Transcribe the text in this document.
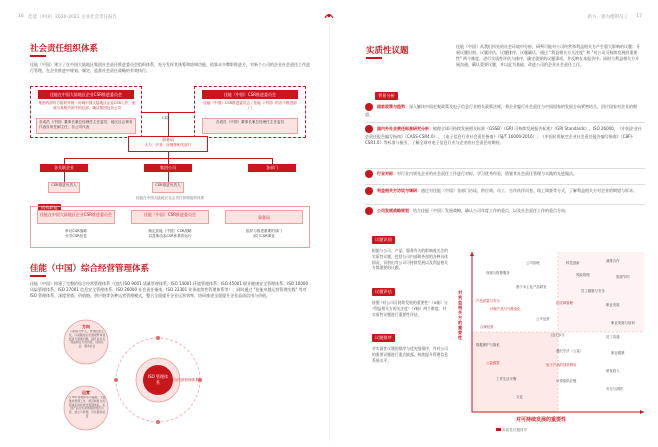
16 佳能（中国）2020-2021 企业社会责任报告	新方，感为德利员工 17
社会责任组织体系
佳能（中国）建立了在中国大陆地区集团社会责任推进委员会组织体系，充分发挥其统筹和协调功能，依靠众多牌影推进方，对新个公司的企业社会责任工作进行管理，在企业推进中规划、制定、监督社会责任战略的有效执行。
佳能在中国大陆地区企业CSR推进委员会
集团内部有力组织并统一协调中国大陆地区企业CSR工作，组成与其相关的中国总部，确认集团及各公司
各成员（中国）董事长兼总经理任主任委员，地区社会事务代表自担任副主任，各公司代表
佳能（中国）CSR推进委员会
佳能（中国）CSR推进委员会 / 佳能（中国）的各个推进部门
各成员（中国）董事长兼总经理任主任委员
C局
事务局
人力、法务、环境等相关部门
各关联企业	集团公司	各部门
CSR推进负责人	CSR推进负责人
佳能在中国大陆地区社会责任管理组织体系
机构职能
佳能在中国大陆地区企业CSR推进委员会	佳能（中国）CSR推进委员会
事务局
审议CSR战略
分享CSR信息
制定佳能（中国）CSR战略
以及推动本CSR体系的运行
组织与推进重要的部门
部门CSR事宜
佳能（中国）综合经营管理体系
佳能（中国）构建了完整的综合经营管理体系（包括 ISO 9001 质量管理体系、ISO 14001 环境管理体系、ISO 45001 职业健康安全管理体系、ISO 10000 风险管理体系、ISO 27001 信息安全管理体系、ISO 26000 社会责任指南、ISO 22301 业务连续性管理体系等），同时通过 "佳能卓越运营管理实践" 等对 ISO 管理体系、深度营销、价值链、供应链等各种运营管理模式，整合全面提升企业运营效率，协同推进全面提升企业品质信用与价值。
方向
以顾客为中心，传递价值主张，以前瞻性的全面视野审视经营与管理问题，提升对所有利益相关方的价值，回报社会，服务社会
ISO 管理体系	综合经营管理体系
运营
以 ISO 管理体系为基础，全面推进管理工作，规范制度与流程体系的标准化管理体系，实现产品全生命周期的规范运营，建立与管理，优化服务质量
实质性议题	佳能（中国）从我们所处的社会环境中分析，研判可能对公司经营和利益相关方产生重大影响的议题；开展议题识别、议题评估、议题排序、议题确认，通过 "利益相关方关注度" 和 "对公司可持续发展的重要性" 两个维度，进行实质性评估与排序，确定重要的议题事项，并反映在本报告中；同时与利益相关方开展沟通，确认重要议题，并以此为基础，改进公司的企业社会责任工作。
背景分析
国家政策与趋势：深入解读中国宏观政策及电子信息行业相关政策法规，将企业履行社会责任与中国国家的发展方向紧密结合，回应国家对企业的期望。
国内外社会责任标准研究分析：梳理全球可持续发展相关标准（GSSB）《GRI 可持续发展报告标准》（GRI Standards）、ISO 26000、《中国企业社会责任报告编写指南》（CASS-CSR4.0）、《电子信息行业社会责任指南》（SJ/T 16000-2016）、《中国民用航空企业社会责任报告编写指南》（CBFI-CSR1.0）等标准与指引，了解全球对电子信息行业与企业的社会责任的期待。
行业对标：对行业内领先企业的社会责任工作进行对标，学习优秀经验，借鉴其社会责任管理与实践的先进做法。
利益相关方访谈与调研：通过对佳能（中国）各部门访谈、供应商、员工、合作伙伴问卷、线上调查等方式，了解利益相关方对企业的期望与诉求。
公司发展战略规划：结合佳能（中国）发展战略，确认公司年度工作的重点，以及社会责任工作的重点方向。
议题识别
根据与公司、产品、服务有关的影响或关注的实质性议题，包括公司内部和外部的各种具体情况，识别出对公司可持续发展以及利益相关方都重要的议题。
议题评估
按照 "对公司可持续发展的重要性"（X轴）与 "利益相关方的关注度"（Y轴）两个维度，对实质性议题进行重要性评估。
议题排序
对实质性议题的排序与优先级排序，并对公司的重要议题进行重点披露，持续提升管理信息系统水平。
对利益相关方的重要性
对可持续发展的重要性
实质性议题排序
公司治理	科技创新	减排合作
视频与报警服务	风险管理	资源节约
基于本土化产品研发
员工健康与安全
产品质量与安全
环保产品与气候变化
供应商管理	职业发展
公平运营
职业发展与培训
合规经营
社区参与	员工沟通
数据保护与隐私
遵纪守法（公益）
公益慈善	电子产品的回收利用
职业健康
工作生活平衡	可持续供应链
研发投入
安全与消防
文化
